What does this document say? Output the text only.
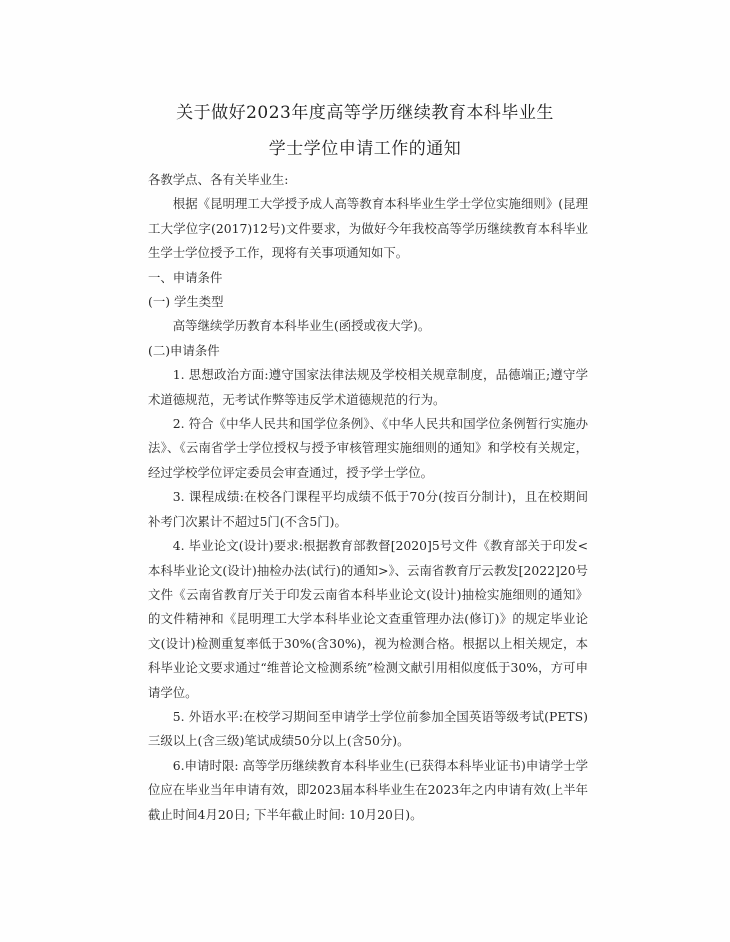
关于做好2023年度高等学历继续教育本科毕业生
学士学位申请工作的通知

各教学点、各有关毕业生:

根据《昆明理工大学授予成人高等教育本科毕业生学士学位实施细则》(昆理工大学位字(2017)12号)文件要求，为做好今年我校高等学历继续教育本科毕业生学士学位授予工作，现将有关事项通知如下。

一、申请条件

(一) 学生类型

高等继续学历教育本科毕业生(函授或夜大学)。

(二)申请条件

1. 思想政治方面:遵守国家法律法规及学校相关规章制度，品德端正;遵守学术道德规范，无考试作弊等违反学术道德规范的行为。

2. 符合《中华人民共和国学位条例》、《中华人民共和国学位条例暂行实施办法》、《云南省学士学位授权与授予审核管理实施细则的通知》和学校有关规定，经过学校学位评定委员会审查通过，授予学士学位。

3. 课程成绩:在校各门课程平均成绩不低于70分(按百分制计)，且在校期间补考门次累计不超过5门(不含5门)。

4. 毕业论文(设计)要求:根据教育部教督[2020]5号文件《教育部关于印发<本科毕业论文(设计)抽检办法(试行)的通知>》、云南省教育厅云教发[2022]20号文件《云南省教育厅关于印发云南省本科毕业论文(设计)抽检实施细则的通知》的文件精神和《昆明理工大学本科毕业论文查重管理办法(修订)》的规定毕业论文(设计)检测重复率低于30%(含30%)，视为检测合格。根据以上相关规定，本科毕业论文要求通过“维普论文检测系统”检测文献引用相似度低于30%，方可申请学位。

5. 外语水平:在校学习期间至申请学士学位前参加全国英语等级考试(PETS)三级以上(含三级)笔试成绩50分以上(含50分)。

6.申请时限: 高等学历继续教育本科毕业生(已获得本科毕业证书)申请学士学位应在毕业当年申请有效，即2023届本科毕业生在2023年之内申请有效(上半年截止时间4月20日; 下半年截止时间: 10月20日)。
